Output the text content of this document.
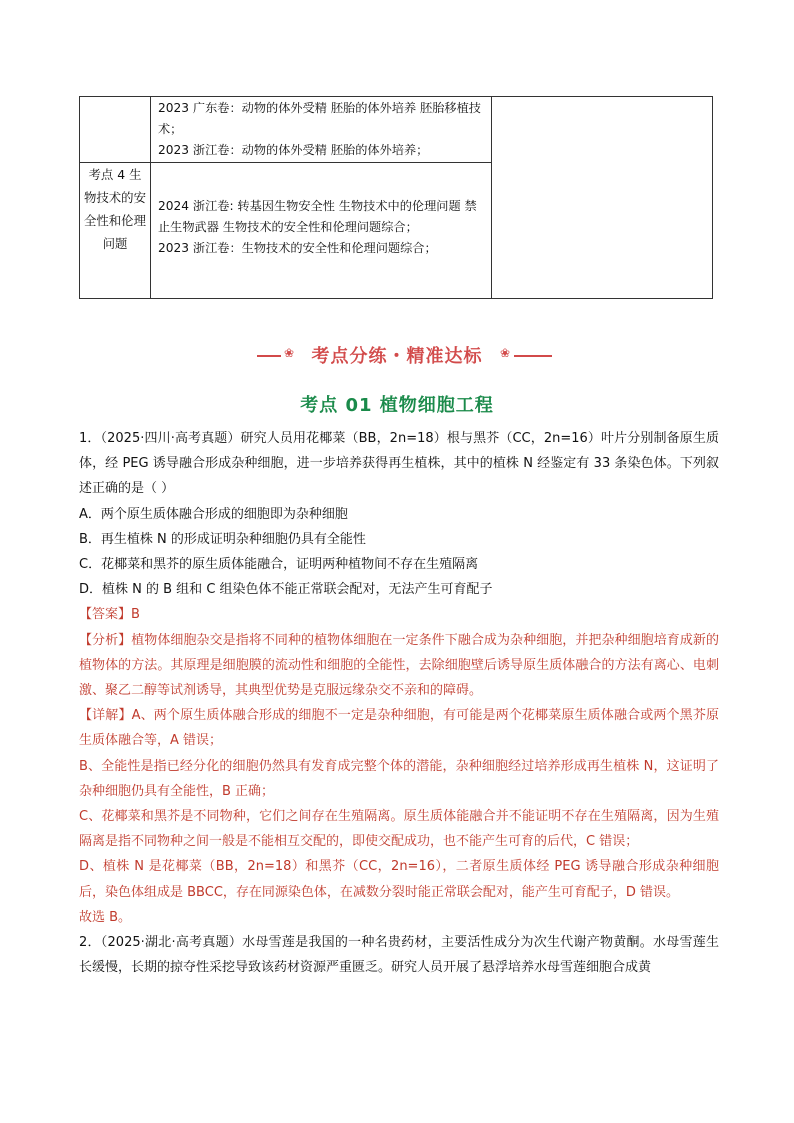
	2023 广东卷：动物的体外受精 胚胎的体外培养 胚胎移植技术；
2023 浙江卷：动物的体外受精 胚胎的体外培养；	

考点 4 生物技术的安全性和伦理问题	2024 浙江卷: 转基因生物安全性 生物技术中的伦理问题 禁止生物武器 生物技术的安全性和伦理问题综合；
2023 浙江卷：生物技术的安全性和伦理问题综合；	
❀ 考点分练・精准达标	❀
考点 01 植物细胞工程

1．（2025·四川·高考真题）研究人员用花椰菜（BB，2n=18）根与黑芥（CC，2n=16）叶片分别制备原生质体，经 PEG 诱导融合形成杂种细胞，进一步培养获得再生植株，其中的植株 N 经鉴定有 33 条染色体。下列叙述正确的是（ ）

A．两个原生质体融合形成的细胞即为杂种细胞

B．再生植株 N 的形成证明杂种细胞仍具有全能性

C．花椰菜和黑芥的原生质体能融合，证明两种植物间不存在生殖隔离

D．植株 N 的 B 组和 C 组染色体不能正常联会配对，无法产生可育配子

【答案】B

【分析】植物体细胞杂交是指将不同种的植物体细胞在一定条件下融合成为杂种细胞，并把杂种细胞培育成新的植物体的方法。其原理是细胞膜的流动性和细胞的全能性，去除细胞壁后诱导原生质体融合的方法有离心、电刺激、聚乙二醇等试剂诱导，其典型优势是克服远缘杂交不亲和的障碍。

【详解】A、两个原生质体融合形成的细胞不一定是杂种细胞，有可能是两个花椰菜原生质体融合或两个黑芥原生质体融合等，A 错误；

B、全能性是指已经分化的细胞仍然具有发育成完整个体的潜能，杂种细胞经过培养形成再生植株 N，这证明了杂种细胞仍具有全能性，B 正确；

C、花椰菜和黑芥是不同物种，它们之间存在生殖隔离。原生质体能融合并不能证明不存在生殖隔离，因为生殖隔离是指不同物种之间一般是不能相互交配的，即使交配成功，也不能产生可育的后代，C 错误；

D、植株 N 是花椰菜（BB，2n=18）和黑芥（CC，2n=16），二者原生质体经 PEG 诱导融合形成杂种细胞后，染色体组成是 BBCC，存在同源染色体，在减数分裂时能正常联会配对，能产生可育配子，D 错误。

故选 B。

2．（2025·湖北·高考真题）水母雪莲是我国的一种名贵药材，主要活性成分为次生代谢产物黄酮。水母雪莲生长缓慢，长期的掠夺性采挖导致该药材资源严重匮乏。研究人员开展了悬浮培养水母雪莲细胞合成黄
